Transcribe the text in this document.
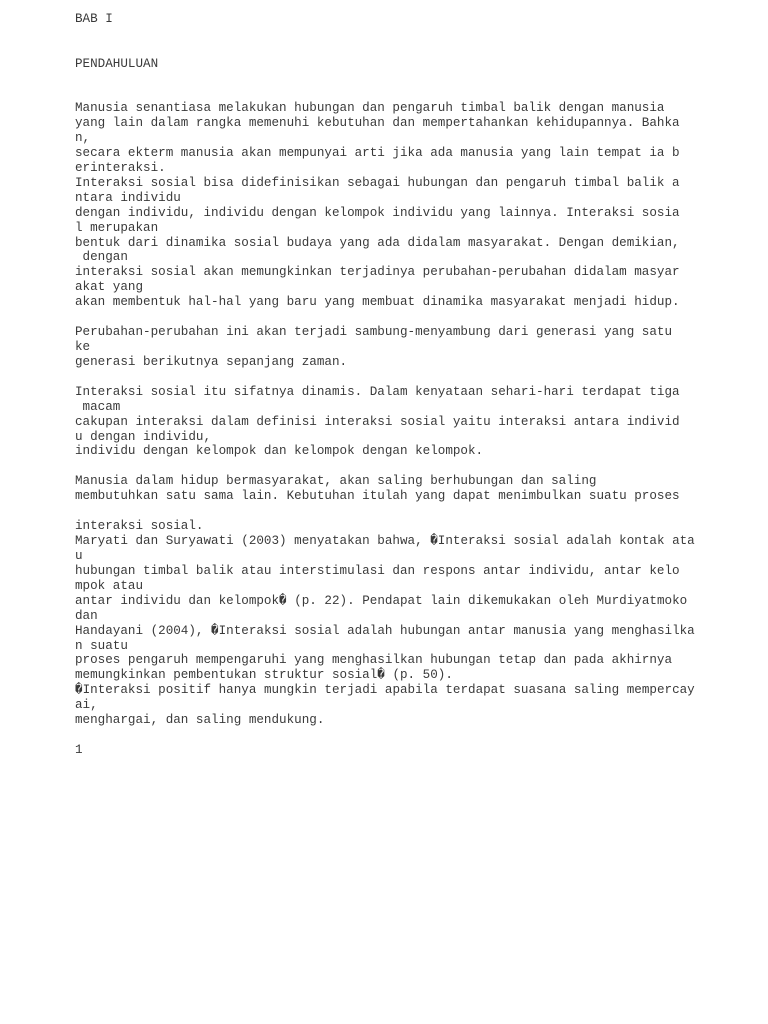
BAB I

PENDAHULUAN

Manusia senantiasa melakukan hubungan dan pengaruh timbal balik dengan manusia

yang lain dalam rangka memenuhi kebutuhan dan mempertahankan kehidupannya. Bahka

n,

secara ekterm manusia akan mempunyai arti jika ada manusia yang lain tempat ia b

erinteraksi.

Interaksi sosial bisa didefinisikan sebagai hubungan dan pengaruh timbal balik a

ntara individu

dengan individu, individu dengan kelompok individu yang lainnya. Interaksi sosia

l merupakan

bentuk dari dinamika sosial budaya yang ada didalam masyarakat. Dengan demikian,

dengan

interaksi sosial akan memungkinkan terjadinya perubahan-perubahan didalam masyar

akat yang

akan membentuk hal-hal yang baru yang membuat dinamika masyarakat menjadi hidup.

Perubahan-perubahan ini akan terjadi sambung-menyambung dari generasi yang satu

ke

generasi berikutnya sepanjang zaman.

Interaksi sosial itu sifatnya dinamis. Dalam kenyataan sehari-hari terdapat tiga

macam

cakupan interaksi dalam definisi interaksi sosial yaitu interaksi antara individ

u dengan individu,

individu dengan kelompok dan kelompok dengan kelompok.

Manusia dalam hidup bermasyarakat, akan saling berhubungan dan saling

membutuhkan satu sama lain. Kebutuhan itulah yang dapat menimbulkan suatu proses

interaksi sosial.

Maryati dan Suryawati (2003) menyatakan bahwa, �Interaksi sosial adalah kontak ata

u

hubungan timbal balik atau interstimulasi dan respons antar individu, antar kelo

mpok atau

antar individu dan kelompok� (p. 22). Pendapat lain dikemukakan oleh Murdiyatmoko

dan

Handayani (2004), �Interaksi sosial adalah hubungan antar manusia yang menghasilka

n suatu

proses pengaruh mempengaruhi yang menghasilkan hubungan tetap dan pada akhirnya

memungkinkan pembentukan struktur sosial� (p. 50).

�Interaksi positif hanya mungkin terjadi apabila terdapat suasana saling mempercay

ai,

menghargai, dan saling mendukung.

1
